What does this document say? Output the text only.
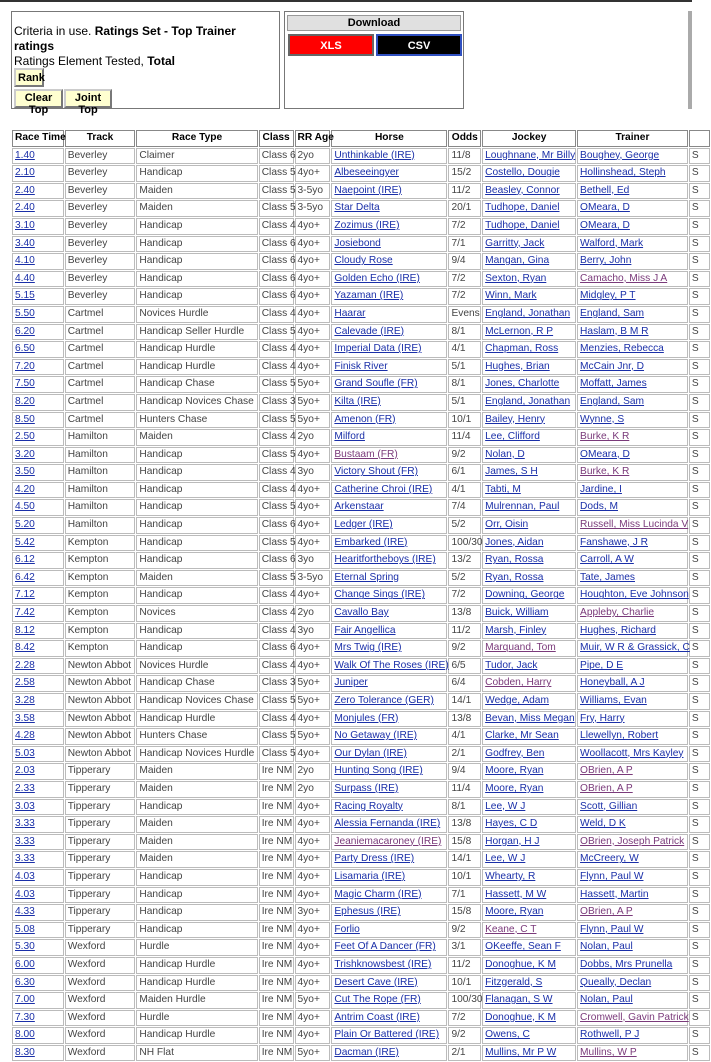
Criteria in use. Ratings Set - Top Trainer ratings
Ratings Element Tested, Total
Rank
Clear Top
Joint Top
Download
XLS	CSV
Race Time	Track	Race Type	Class	RR Age	Horse	Odds	Jockey	Trainer	
1.40	Beverley	Claimer	Class 6	2yo	Unthinkable (IRE)	11/8	Loughnane, Mr Billy	Boughey, George	S
2.10	Beverley	Handicap	Class 5	4yo+	Albeseeingyer	15/2	Costello, Dougie	Hollinshead, Steph	S
2.40	Beverley	Maiden	Class 5	3-5yo	Naepoint (IRE)	11/2	Beasley, Connor	Bethell, Ed	S
2.40	Beverley	Maiden	Class 5	3-5yo	Star Delta	20/1	Tudhope, Daniel	OMeara, D	S
3.10	Beverley	Handicap	Class 4	4yo+	Zozimus (IRE)	7/2	Tudhope, Daniel	OMeara, D	S
3.40	Beverley	Handicap	Class 6	4yo+	Josiebond	7/1	Garritty, Jack	Walford, Mark	S
4.10	Beverley	Handicap	Class 6	4yo+	Cloudy Rose	9/4	Mangan, Gina	Berry, John	S
4.40	Beverley	Handicap	Class 6	4yo+	Golden Echo (IRE)	7/2	Sexton, Ryan	Camacho, Miss J A	S
5.15	Beverley	Handicap	Class 6	4yo+	Yazaman (IRE)	7/2	Winn, Mark	Midgley, P T	S
5.50	Cartmel	Novices Hurdle	Class 4	4yo+	Haarar	Evens	England, Jonathan	England, Sam	S
6.20	Cartmel	Handicap Seller Hurdle	Class 5	4yo+	Calevade (IRE)	8/1	McLernon, R P	Haslam, B M R	S
6.50	Cartmel	Handicap Hurdle	Class 4	4yo+	Imperial Data (IRE)	4/1	Chapman, Ross	Menzies, Rebecca	S
7.20	Cartmel	Handicap Hurdle	Class 4	4yo+	Finisk River	5/1	Hughes, Brian	McCain Jnr, D	S
7.50	Cartmel	Handicap Chase	Class 5	5yo+	Grand Soufle (FR)	8/1	Jones, Charlotte	Moffatt, James	S
8.20	Cartmel	Handicap Novices Chase	Class 3	5yo+	Kilta (IRE)	5/1	England, Jonathan	England, Sam	S
8.50	Cartmel	Hunters Chase	Class 5	5yo+	Amenon (FR)	10/1	Bailey, Henry	Wynne, S	S
2.50	Hamilton	Maiden	Class 4	2yo	Milford	11/4	Lee, Clifford	Burke, K R	S
3.20	Hamilton	Handicap	Class 5	4yo+	Bustaam (FR)	9/2	Nolan, D	OMeara, D	S
3.50	Hamilton	Handicap	Class 4	3yo	Victory Shout (FR)	6/1	James, S H	Burke, K R	S
4.20	Hamilton	Handicap	Class 4	4yo+	Catherine Chroi (IRE)	4/1	Tabti, M	Jardine, I	S
4.50	Hamilton	Handicap	Class 5	4yo+	Arkenstaar	7/4	Mulrennan, Paul	Dods, M	S
5.20	Hamilton	Handicap	Class 6	4yo+	Ledger (IRE)	5/2	Orr, Oisin	Russell, Miss Lucinda V	S
5.42	Kempton	Handicap	Class 5	4yo+	Embarked (IRE)	100/30	Jones, Aidan	Fanshawe, J R	S
6.12	Kempton	Handicap	Class 6	3yo	Hearitfortheboys (IRE)	13/2	Ryan, Rossa	Carroll, A W	S
6.42	Kempton	Maiden	Class 5	3-5yo	Eternal Spring	5/2	Ryan, Rossa	Tate, James	S
7.12	Kempton	Handicap	Class 4	4yo+	Change Sings (IRE)	7/2	Downing, George	Houghton, Eve Johnson	S
7.42	Kempton	Novices	Class 4	2yo	Cavallo Bay	13/8	Buick, William	Appleby, Charlie	S
8.12	Kempton	Handicap	Class 4	3yo	Fair Angellica	11/2	Marsh, Finley	Hughes, Richard	S
8.42	Kempton	Handicap	Class 6	4yo+	Mrs Twig (IRE)	9/2	Marquand, Tom	Muir, W R & Grassick, C	S
2.28	Newton Abbot	Novices Hurdle	Class 4	4yo+	Walk Of The Roses (IRE)	6/5	Tudor, Jack	Pipe, D E	S
2.58	Newton Abbot	Handicap Chase	Class 3	5yo+	Juniper	6/4	Cobden, Harry	Honeyball, A J	S
3.28	Newton Abbot	Handicap Novices Chase	Class 5	5yo+	Zero Tolerance (GER)	14/1	Wedge, Adam	Williams, Evan	S
3.58	Newton Abbot	Handicap Hurdle	Class 4	4yo+	Monjules (FR)	13/8	Bevan, Miss Megan	Fry, Harry	S
4.28	Newton Abbot	Hunters Chase	Class 5	5yo+	No Getaway (IRE)	4/1	Clarke, Mr Sean	Llewellyn, Robert	S
5.03	Newton Abbot	Handicap Novices Hurdle	Class 5	4yo+	Our Dylan (IRE)	2/1	Godfrey, Ben	Woollacott, Mrs Kayley	S
2.03	Tipperary	Maiden	Ire NM	2yo	Hunting Song (IRE)	9/4	Moore, Ryan	OBrien, A P	S
2.33	Tipperary	Maiden	Ire NM	2yo	Surpass (IRE)	11/4	Moore, Ryan	OBrien, A P	S
3.03	Tipperary	Handicap	Ire NM	4yo+	Racing Royalty	8/1	Lee, W J	Scott, Gillian	S
3.33	Tipperary	Maiden	Ire NM	4yo+	Alessia Fernanda (IRE)	13/8	Hayes, C D	Weld, D K	S
3.33	Tipperary	Maiden	Ire NM	4yo+	Jeaniemacaroney (IRE)	15/8	Horgan, H J	OBrien, Joseph Patrick	S
3.33	Tipperary	Maiden	Ire NM	4yo+	Party Dress (IRE)	14/1	Lee, W J	McCreery, W	S
4.03	Tipperary	Handicap	Ire NM	4yo+	Lisamaria (IRE)	10/1	Whearty, R	Flynn, Paul W	S
4.03	Tipperary	Handicap	Ire NM	4yo+	Magic Charm (IRE)	7/1	Hassett, M W	Hassett, Martin	S
4.33	Tipperary	Handicap	Ire NM	3yo+	Ephesus (IRE)	15/8	Moore, Ryan	OBrien, A P	S
5.08	Tipperary	Handicap	Ire NM	4yo+	Forlio	9/2	Keane, C T	Flynn, Paul W	S
5.30	Wexford	Hurdle	Ire NM	4yo+	Feet Of A Dancer (FR)	3/1	OKeeffe, Sean F	Nolan, Paul	S
6.00	Wexford	Handicap Hurdle	Ire NM	4yo+	Trishknowsbest (IRE)	11/2	Donoghue, K M	Dobbs, Mrs Prunella	S
6.30	Wexford	Handicap Hurdle	Ire NM	4yo+	Desert Cave (IRE)	10/1	Fitzgerald, S	Queally, Declan	S
7.00	Wexford	Maiden Hurdle	Ire NM	5yo+	Cut The Rope (FR)	100/30	Flanagan, S W	Nolan, Paul	S
7.30	Wexford	Hurdle	Ire NM	4yo+	Antrim Coast (IRE)	7/2	Donoghue, K M	Cromwell, Gavin Patrick	S
8.00	Wexford	Handicap Hurdle	Ire NM	4yo+	Plain Or Battered (IRE)	9/2	Owens, C	Rothwell, P J	S
8.30	Wexford	NH Flat	Ire NM	5yo+	Dacman (IRE)	2/1	Mullins, Mr P W	Mullins, W P	S
